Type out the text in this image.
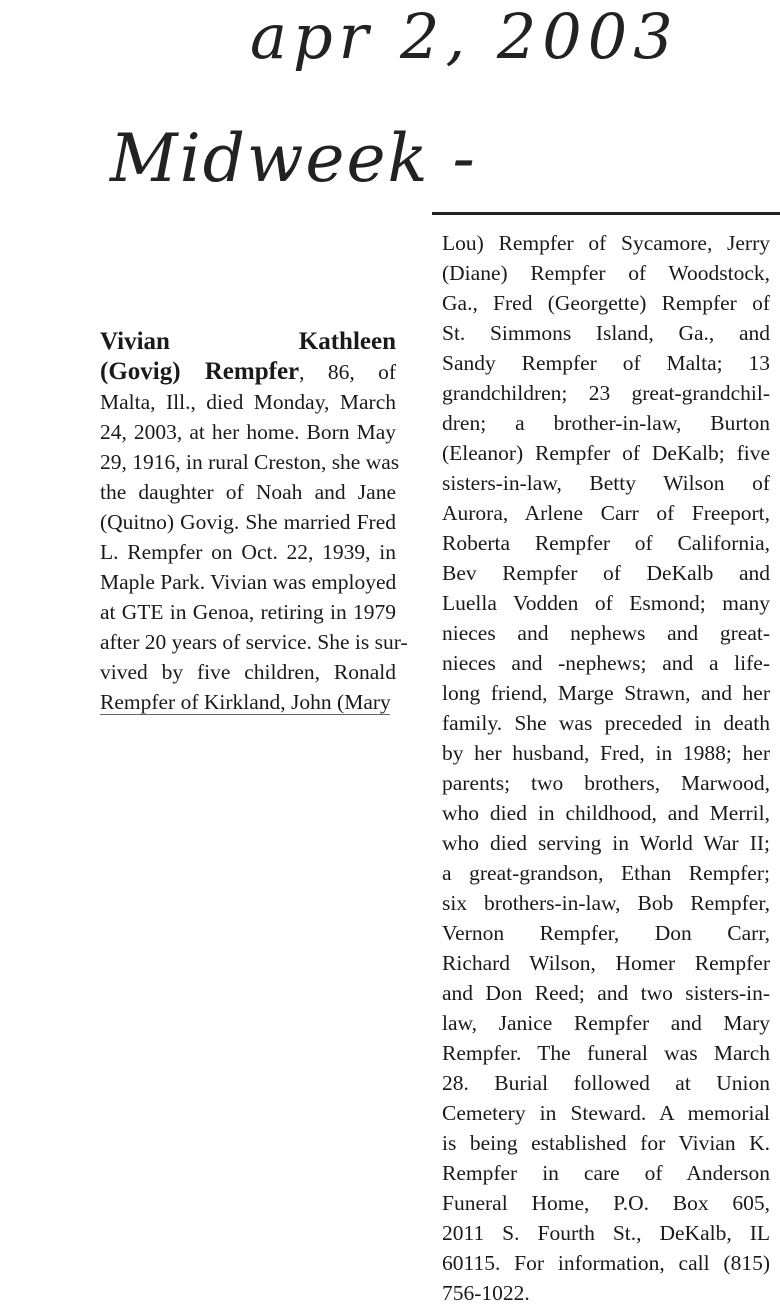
apr 2, 2003
Midweek -
Vivian Kathleen
(Govig) Rempfer, 86, of
Malta, Ill., died Monday, March
24, 2003, at her home. Born May
29, 1916, in rural Creston, she was
the daughter of Noah and Jane
(Quitno) Govig. She married Fred
L. Rempfer on Oct. 22, 1939, in
Maple Park. Vivian was employed
at GTE in Genoa, retiring in 1979
after 20 years of service. She is sur-
vived by five children, Ronald
Rempfer of Kirkland, John (Mary
Lou) Rempfer of Sycamore, Jerry
(Diane) Rempfer of Woodstock,
Ga., Fred (Georgette) Rempfer of
St. Simmons Island, Ga., and
Sandy Rempfer of Malta; 13
grandchildren; 23 great-grandchil-
dren; a brother-in-law, Burton
(Eleanor) Rempfer of DeKalb; five
sisters-in-law, Betty Wilson of
Aurora, Arlene Carr of Freeport,
Roberta Rempfer of California,
Bev Rempfer of DeKalb and
Luella Vodden of Esmond; many
nieces and nephews and great-
nieces and -nephews; and a life-
long friend, Marge Strawn, and her
family. She was preceded in death
by her husband, Fred, in 1988; her
parents; two brothers, Marwood,
who died in childhood, and Merril,
who died serving in World War II;
a great-grandson, Ethan Rempfer;
six brothers-in-law, Bob Rempfer,
Vernon Rempfer, Don Carr,
Richard Wilson, Homer Rempfer
and Don Reed; and two sisters-in-
law, Janice Rempfer and Mary
Rempfer. The funeral was March
28. Burial followed at Union
Cemetery in Steward. A memorial
is being established for Vivian K.
Rempfer in care of Anderson
Funeral Home, P.O. Box 605,
2011 S. Fourth St., DeKalb, IL
60115. For information, call (815)
756-1022.
